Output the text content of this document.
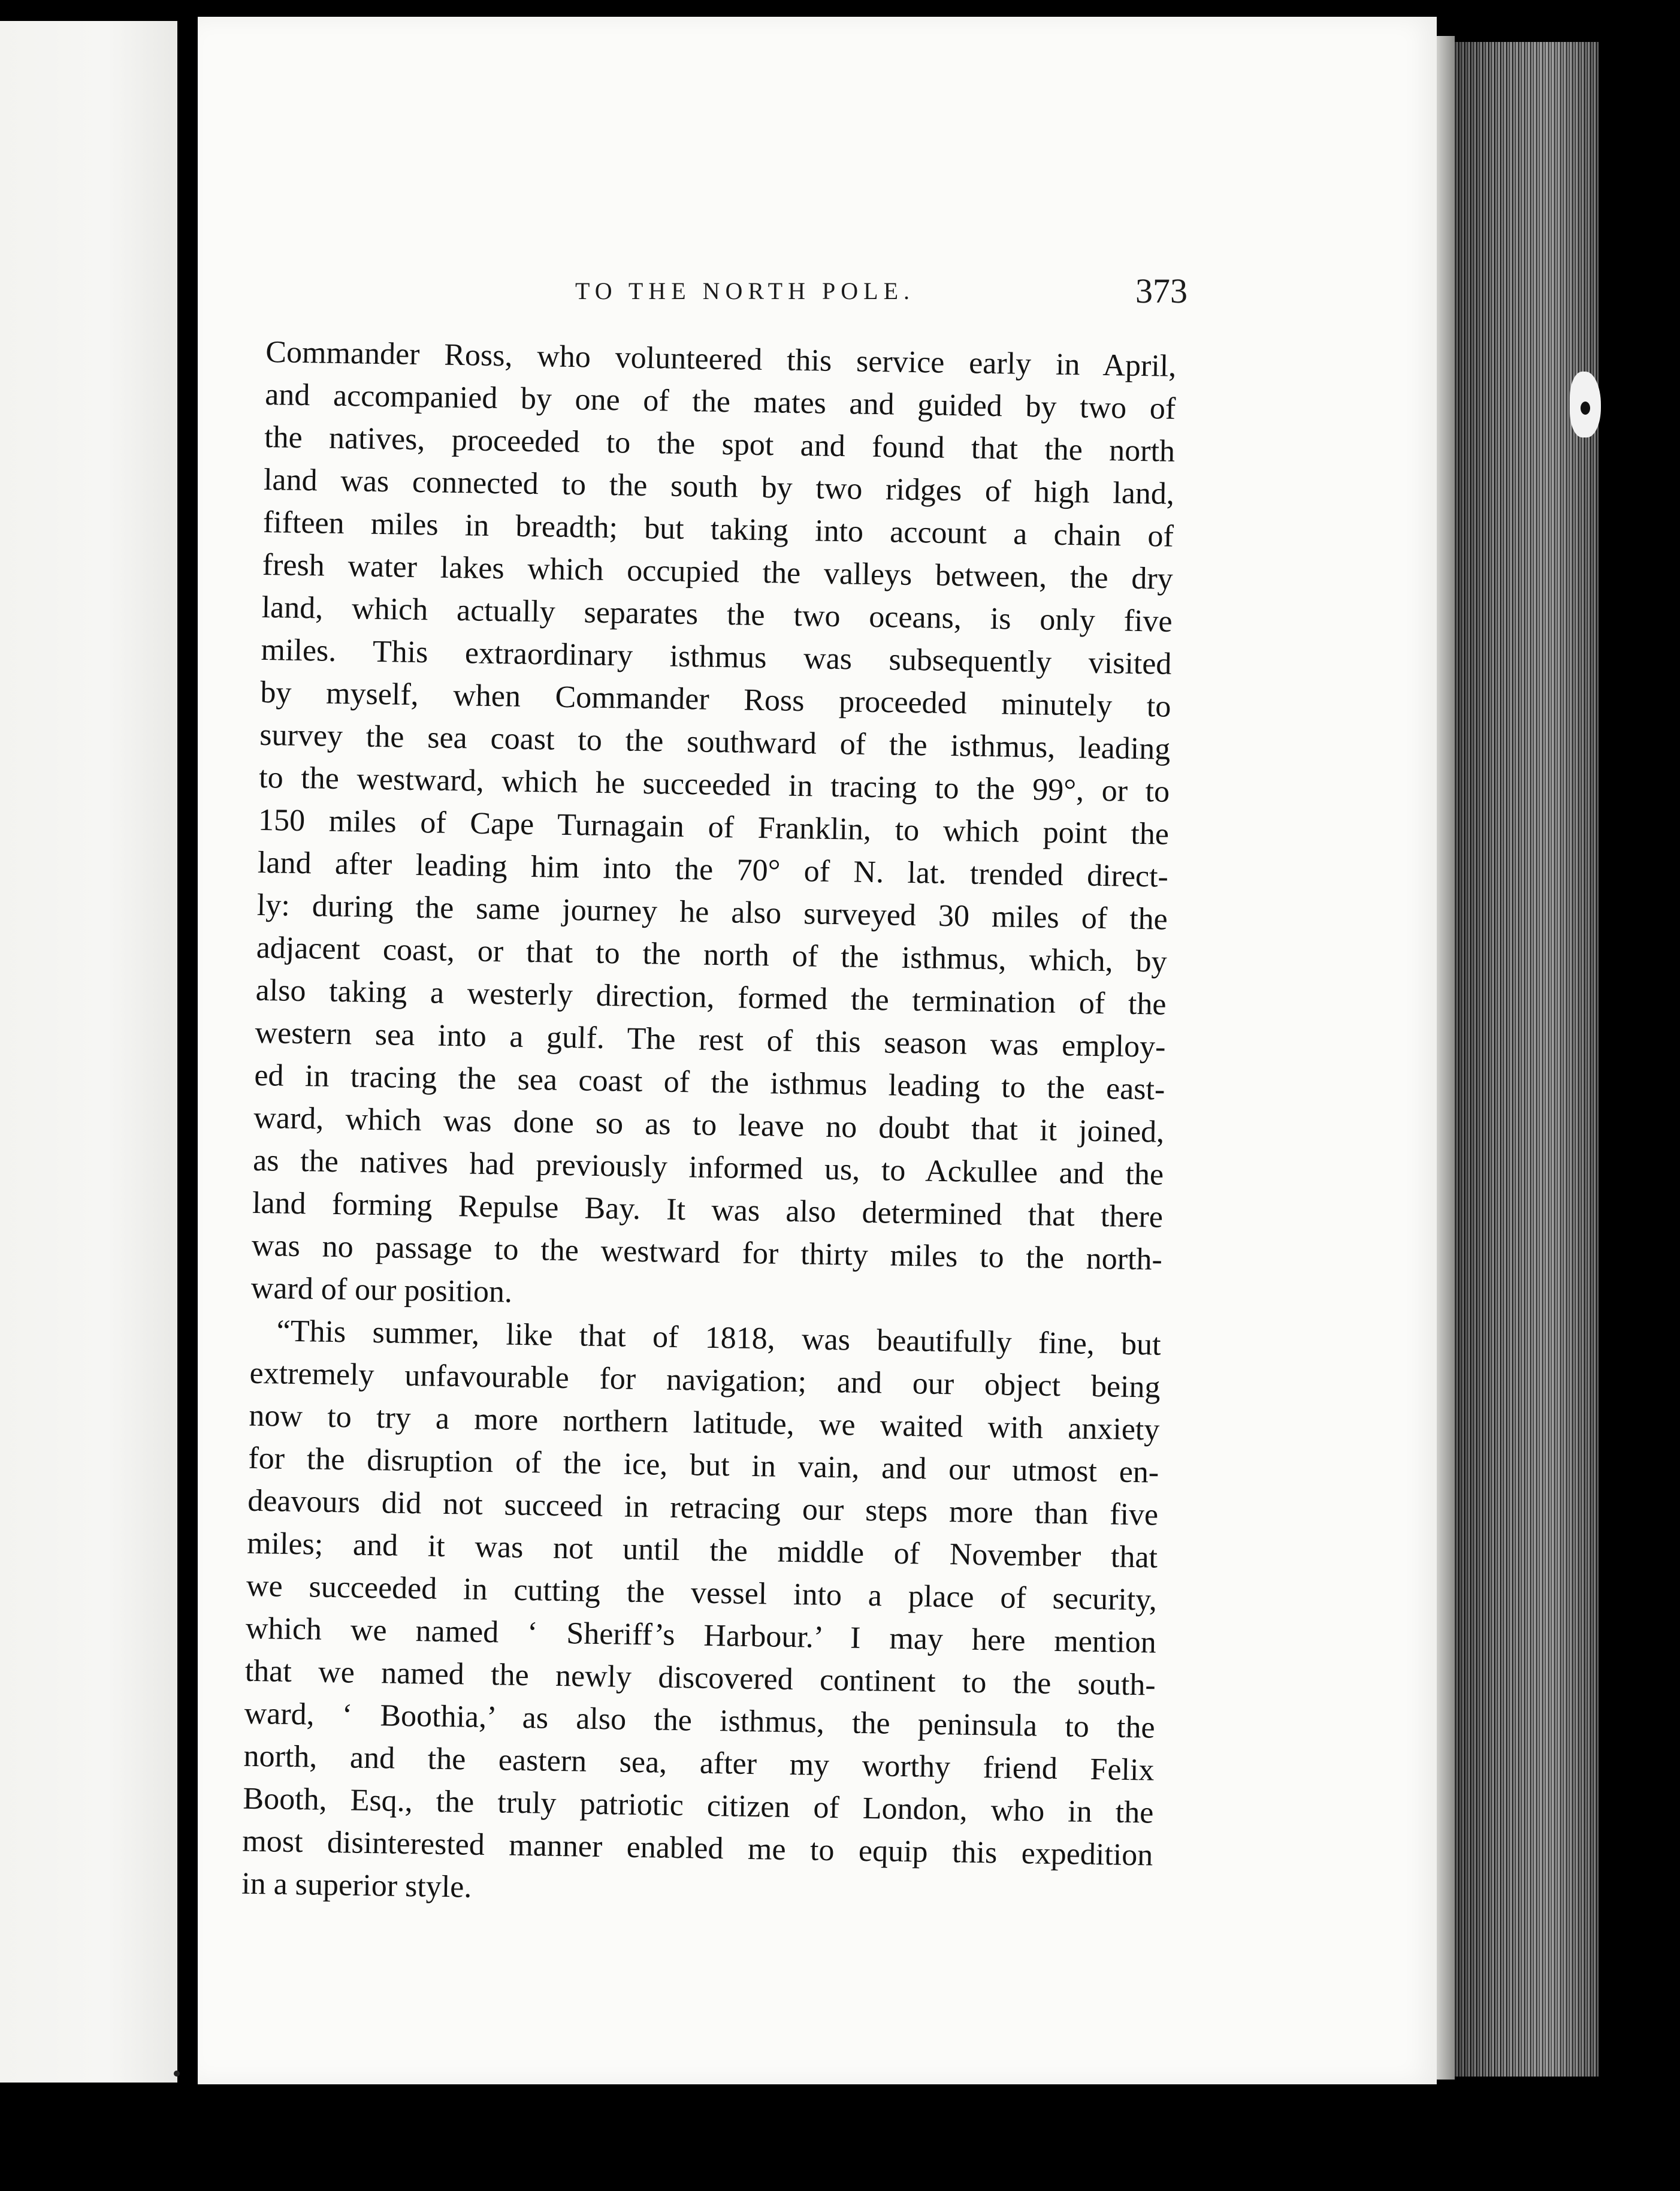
TO THE NORTH POLE.	373
Commander Ross, who volunteered this service early in April,
and accompanied by one of the mates and guided by two of
the natives, proceeded to the spot and found that the north
land was connected to the south by two ridges of high land,
fifteen miles in breadth; but taking into account a chain of
fresh water lakes which occupied the valleys between, the dry
land, which actually separates the two oceans, is only five
miles. This extraordinary isthmus was subsequently visited
by myself, when Commander Ross proceeded minutely to
survey the sea coast to the southward of the isthmus, leading
to the westward, which he succeeded in tracing to the 99°, or to
150 miles of Cape Turnagain of Franklin, to which point the
land after leading him into the 70° of N. lat. trended direct-
ly: during the same journey he also surveyed 30 miles of the
adjacent coast, or that to the north of the isthmus, which, by
also taking a westerly direction, formed the termination of the
western sea into a gulf. The rest of this season was employ-
ed in tracing the sea coast of the isthmus leading to the east-
ward, which was done so as to leave no doubt that it joined,
as the natives had previously informed us, to Ackullee and the
land forming Repulse Bay. It was also determined that there
was no passage to the westward for thirty miles to the north-
ward of our position.
“This summer, like that of 1818, was beautifully fine, but
extremely unfavourable for navigation; and our object being
now to try a more northern latitude, we waited with anxiety
for the disruption of the ice, but in vain, and our utmost en-
deavours did not succeed in retracing our steps more than five
miles; and it was not until the middle of November that
we succeeded in cutting the vessel into a place of security,
which we named ‘ Sheriff’s Harbour.’ I may here mention
that we named the newly discovered continent to the south-
ward, ‘ Boothia,’ as also the isthmus, the peninsula to the
north, and the eastern sea, after my worthy friend Felix
Booth, Esq., the truly patriotic citizen of London, who in the
most disinterested manner enabled me to equip this expedition
in a superior style.
